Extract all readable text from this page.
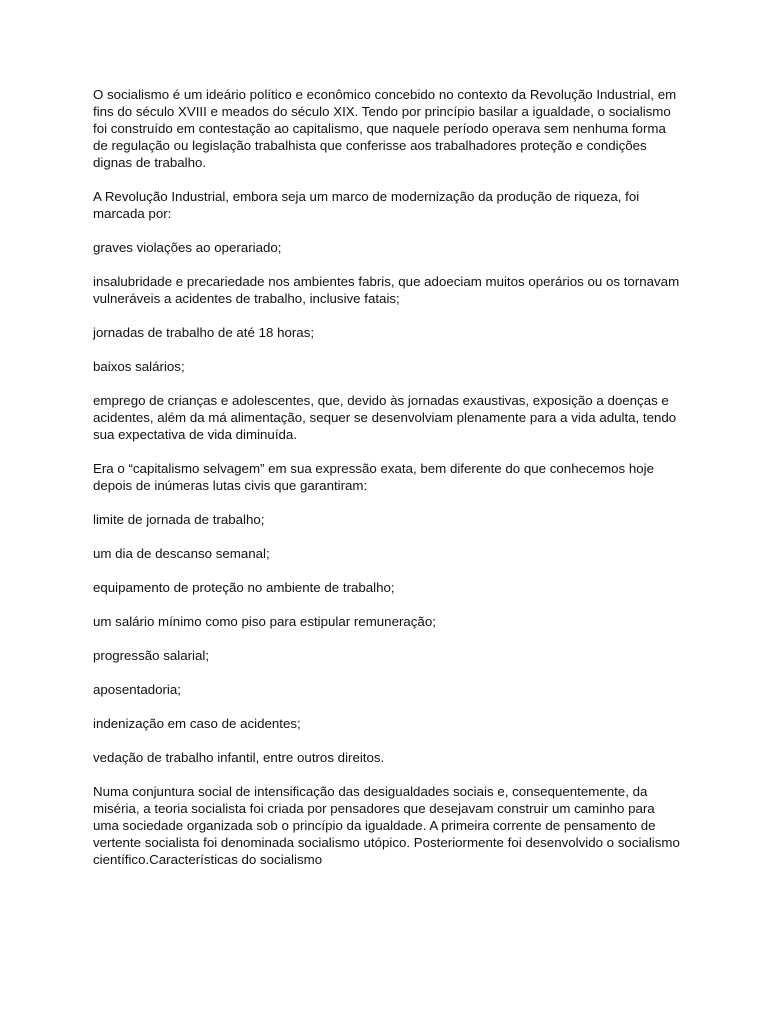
O socialismo é um ideário político e econômico concebido no contexto da Revolução Industrial, em fins do século XVIII e meados do século XIX. Tendo por princípio basilar a igualdade, o socialismo foi construído em contestação ao capitalismo, que naquele período operava sem nenhuma forma de regulação ou legislação trabalhista que conferisse aos trabalhadores proteção e condições dignas de trabalho.

A Revolução Industrial, embora seja um marco de modernização da produção de riqueza, foi marcada por:

graves violações ao operariado;

insalubridade e precariedade nos ambientes fabris, que adoeciam muitos operários ou os tornavam vulneráveis a acidentes de trabalho, inclusive fatais;

jornadas de trabalho de até 18 horas;

baixos salários;

emprego de crianças e adolescentes, que, devido às jornadas exaustivas, exposição a doenças e acidentes, além da má alimentação, sequer se desenvolviam plenamente para a vida adulta, tendo sua expectativa de vida diminuída.

Era o “capitalismo selvagem” em sua expressão exata, bem diferente do que conhecemos hoje depois de inúmeras lutas civis que garantiram:

limite de jornada de trabalho;

um dia de descanso semanal;

equipamento de proteção no ambiente de trabalho;

um salário mínimo como piso para estipular remuneração;

progressão salarial;

aposentadoria;

indenização em caso de acidentes;

vedação de trabalho infantil, entre outros direitos.

Numa conjuntura social de intensificação das desigualdades sociais e, consequentemente, da miséria, a teoria socialista foi criada por pensadores que desejavam construir um caminho para uma sociedade organizada sob o princípio da igualdade. A primeira corrente de pensamento de vertente socialista foi denominada socialismo utópico. Posteriormente foi desenvolvido o socialismo científico.Características do socialismo
